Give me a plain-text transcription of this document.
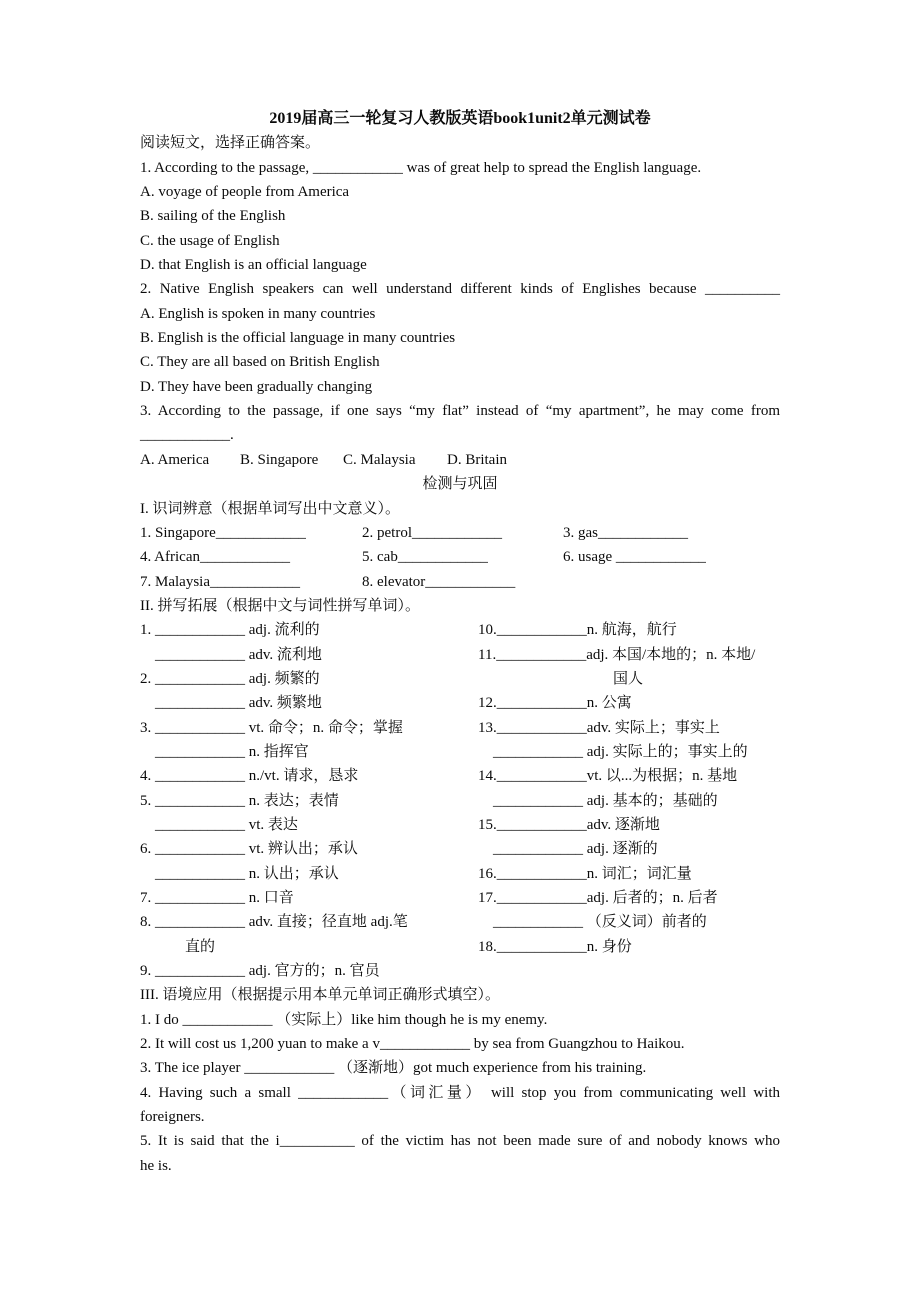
2019届高三一轮复习人教版英语book1unit2单元测试卷
阅读短文，选择正确答案。
1. According to the passage, ____________ was of great help to spread the English language.
A. voyage of people from America
B. sailing of the English
C. the usage of English
D. that English is an official language
2. Native English speakers can well understand different kinds of Englishes because __________
A. English is spoken in many countries
B. English is the official language in many countries
C. They are all based on British English
D. They have been gradually changing
3. According to the passage, if one says “my flat” instead of “my apartment”, he may come from
____________.
A. America	B. Singapore	C. Malaysia	D. Britain
检测与巩固
I. 识词辨意（根据单词写出中文意义）。
1. Singapore____________	2. petrol____________	3. gas____________
4. African____________	5. cab____________	6. usage ____________
7. Malaysia____________	8. elevator____________
II. 拼写拓展（根据中文与词性拼写单词）。
1. ____________ adj. 流利的	10.____________n. 航海，航行
____________ adv. 流利地	11.____________adj. 本国/本地的；n. 本地/
2. ____________ adj. 频繁的	　　　　　　　　　国人
____________ adv. 频繁地	12.____________n. 公寓
3. ____________ vt. 命令；n. 命令；掌握	13.____________adv. 实际上；事实上
____________ n. 指挥官	____________ adj. 实际上的；事实上的
4. ____________ n./vt. 请求，恳求	14.____________vt. 以...为根据；n. 基地
5. ____________ n. 表达；表情	____________ adj. 基本的；基础的
____________ vt. 表达	15.____________adv. 逐渐地
6. ____________ vt. 辨认出；承认	____________ adj. 逐渐的
____________ n. 认出；承认	16.____________n. 词汇；词汇量
7. ____________ n. 口音	17.____________adj. 后者的；n. 后者
8. ____________ adv. 直接；径直地 adj.笔	____________ （反义词）前者的
　　　直的	18.____________n. 身份
9. ____________ adj. 官方的；n. 官员
III. 语境应用（根据提示用本单元单词正确形式填空）。
1. I do ____________ （实际上）like him though he is my enemy.
2. It will cost us 1,200 yuan to make a v____________ by sea from Guangzhou to Haikou.
3. The ice player ____________ （逐渐地）got much experience from his training.
4. Having such a small ____________（词汇量） will stop you from communicating well with
foreigners.
5. It is said that the i__________ of the victim has not been made sure of and nobody knows who
he is.
